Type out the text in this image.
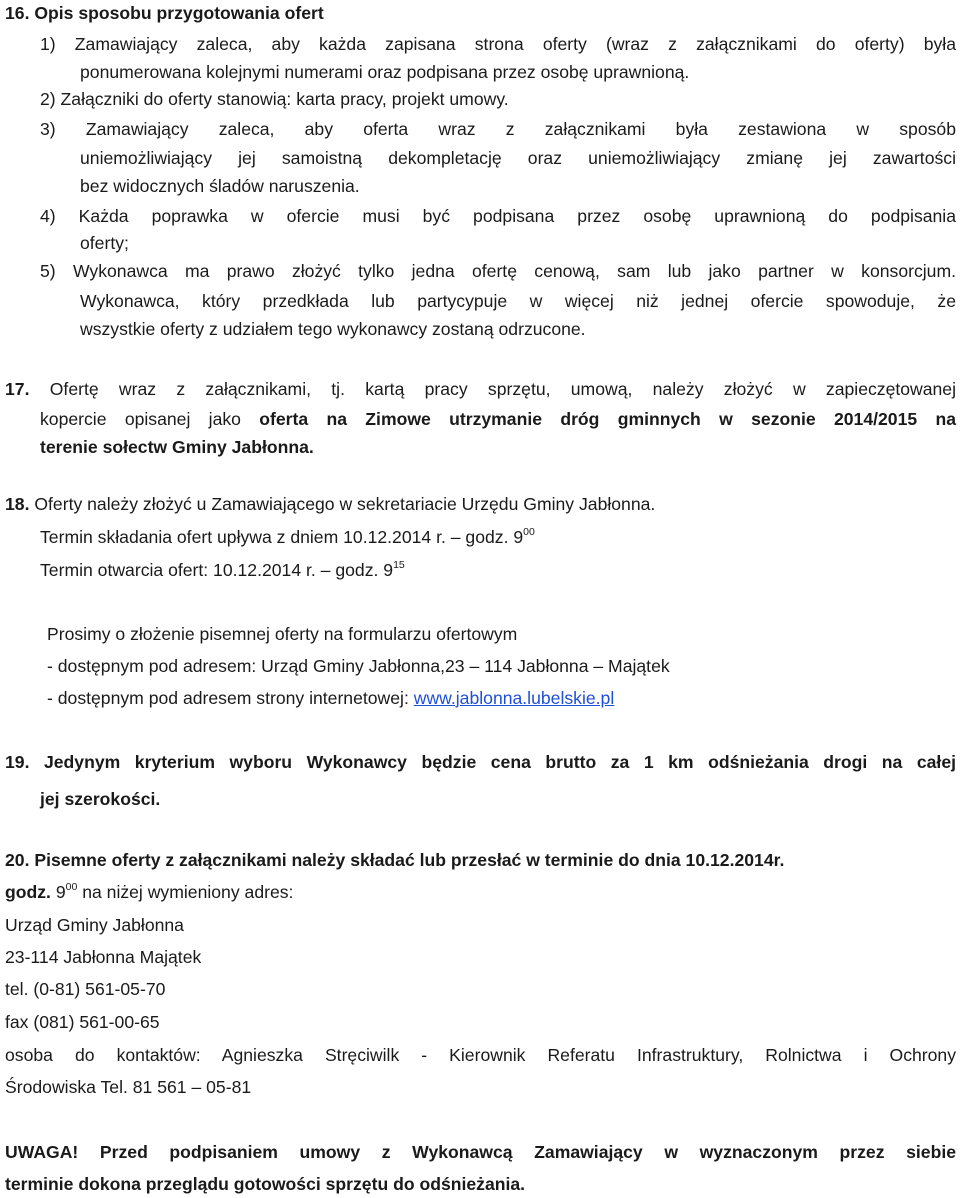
16. Opis sposobu przygotowania ofert
1) Zamawiający zaleca, aby każda zapisana strona oferty (wraz z załącznikami do oferty) była
ponumerowana kolejnymi numerami oraz podpisana przez osobę uprawnioną.
2) Załączniki do oferty stanowią: karta pracy, projekt umowy.
3) Zamawiający zaleca, aby oferta wraz z załącznikami była zestawiona w sposób
uniemożliwiający jej samoistną dekompletację oraz uniemożliwiający zmianę jej zawartości
bez widocznych śladów naruszenia.
4) Każda poprawka w ofercie musi być podpisana przez osobę uprawnioną do podpisania
oferty;
5) Wykonawca ma prawo złożyć tylko jedna ofertę cenową, sam lub jako partner w konsorcjum.
Wykonawca, który przedkłada lub partycypuje w więcej niż jednej ofercie spowoduje, że
wszystkie oferty z udziałem tego wykonawcy zostaną odrzucone.
17. Ofertę wraz z załącznikami, tj. kartą pracy sprzętu, umową, należy złożyć w zapieczętowanej
kopercie opisanej jako oferta na Zimowe utrzymanie dróg gminnych w sezonie 2014/2015 na
terenie sołectw Gminy Jabłonna.
18. Oferty należy złożyć u Zamawiającego w sekretariacie Urzędu Gminy Jabłonna.
Termin składania ofert upływa z dniem 10.12.2014 r. – godz. $9^{00}$
Termin otwarcia ofert: 10.12.2014 r. – godz. $9^{15}$
Prosimy o złożenie pisemnej oferty na formularzu ofertowym
- dostępnym pod adresem: Urząd Gminy Jabłonna,23 – 114 Jabłonna – Majątek
- dostępnym pod adresem strony internetowej: www.jablonna.lubelskie.pl
19. Jedynym kryterium wyboru Wykonawcy będzie cena brutto za 1 km odśnieżania drogi na całej
jej szerokości.
20. Pisemne oferty z załącznikami należy składać lub przesłać w terminie do dnia 10.12.2014r.
godz. $9^{00}$ na niżej wymieniony adres:
Urząd Gminy Jabłonna
23-114 Jabłonna Majątek
tel. (0-81) 561-05-70
fax (081) 561-00-65
osoba do kontaktów: Agnieszka Stręciwilk - Kierownik Referatu Infrastruktury, Rolnictwa i Ochrony
Środowiska Tel. 81 561 – 05-81
UWAGA! Przed podpisaniem umowy z Wykonawcą Zamawiający w wyznaczonym przez siebie
terminie dokona przeglądu gotowości sprzętu do odśnieżania.
